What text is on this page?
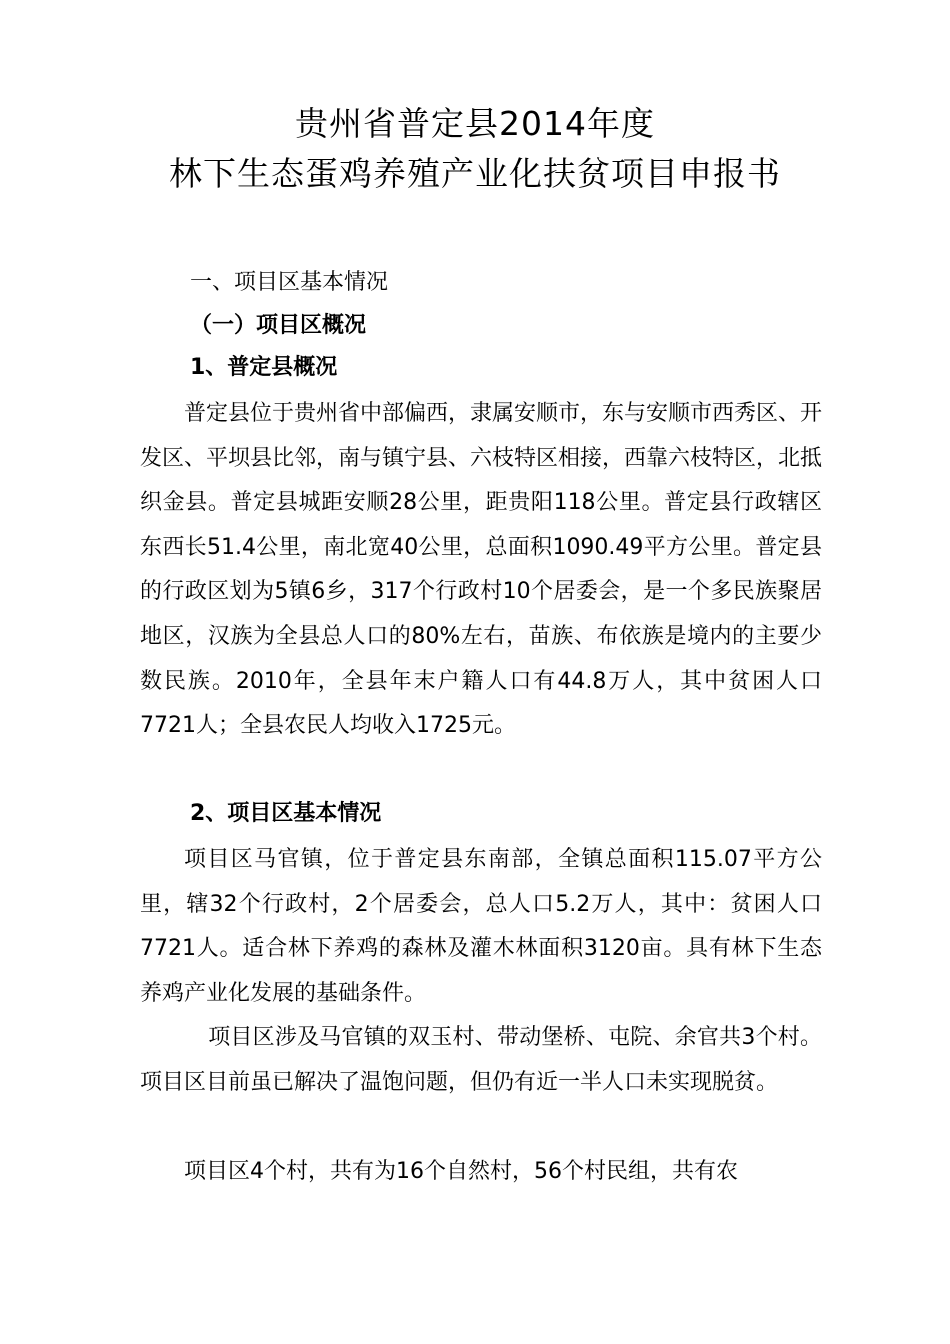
贵州省普定县2014年度
林下生态蛋鸡养殖产业化扶贫项目申报书
一、项目区基本情况
（一）项目区概况
1、普定县概况

普定县位于贵州省中部偏西，隶属安顺市，东与安顺市西秀区、开发区、平坝县比邻，南与镇宁县、六枝特区相接，西靠六枝特区，北抵织金县。普定县城距安顺28公里，距贵阳118公里。普定县行政辖区东西长51.4公里，南北宽40公里，总面积1090.49平方公里。普定县的行政区划为5镇6乡，317个行政村10个居委会，是一个多民族聚居地区，汉族为全县总人口的80%左右，苗族、布依族是境内的主要少数民族。2010年，全县年末户籍人口有44.8万人，其中贫困人口7721人；全县农民人均收入1725元。

2、项目区基本情况

项目区马官镇，位于普定县东南部，全镇总面积115.07平方公里，辖32个行政村，2个居委会，总人口5.2万人，其中：贫困人口7721人。适合林下养鸡的森林及灌木林面积3120亩。具有林下生态养鸡产业化发展的基础条件。

项目区涉及马官镇的双玉村、带动堡桥、屯院、余官共3个村。项目区目前虽已解决了温饱问题，但仍有近一半人口未实现脱贫。

项目区4个村，共有为16个自然村，56个村民组，共有农
